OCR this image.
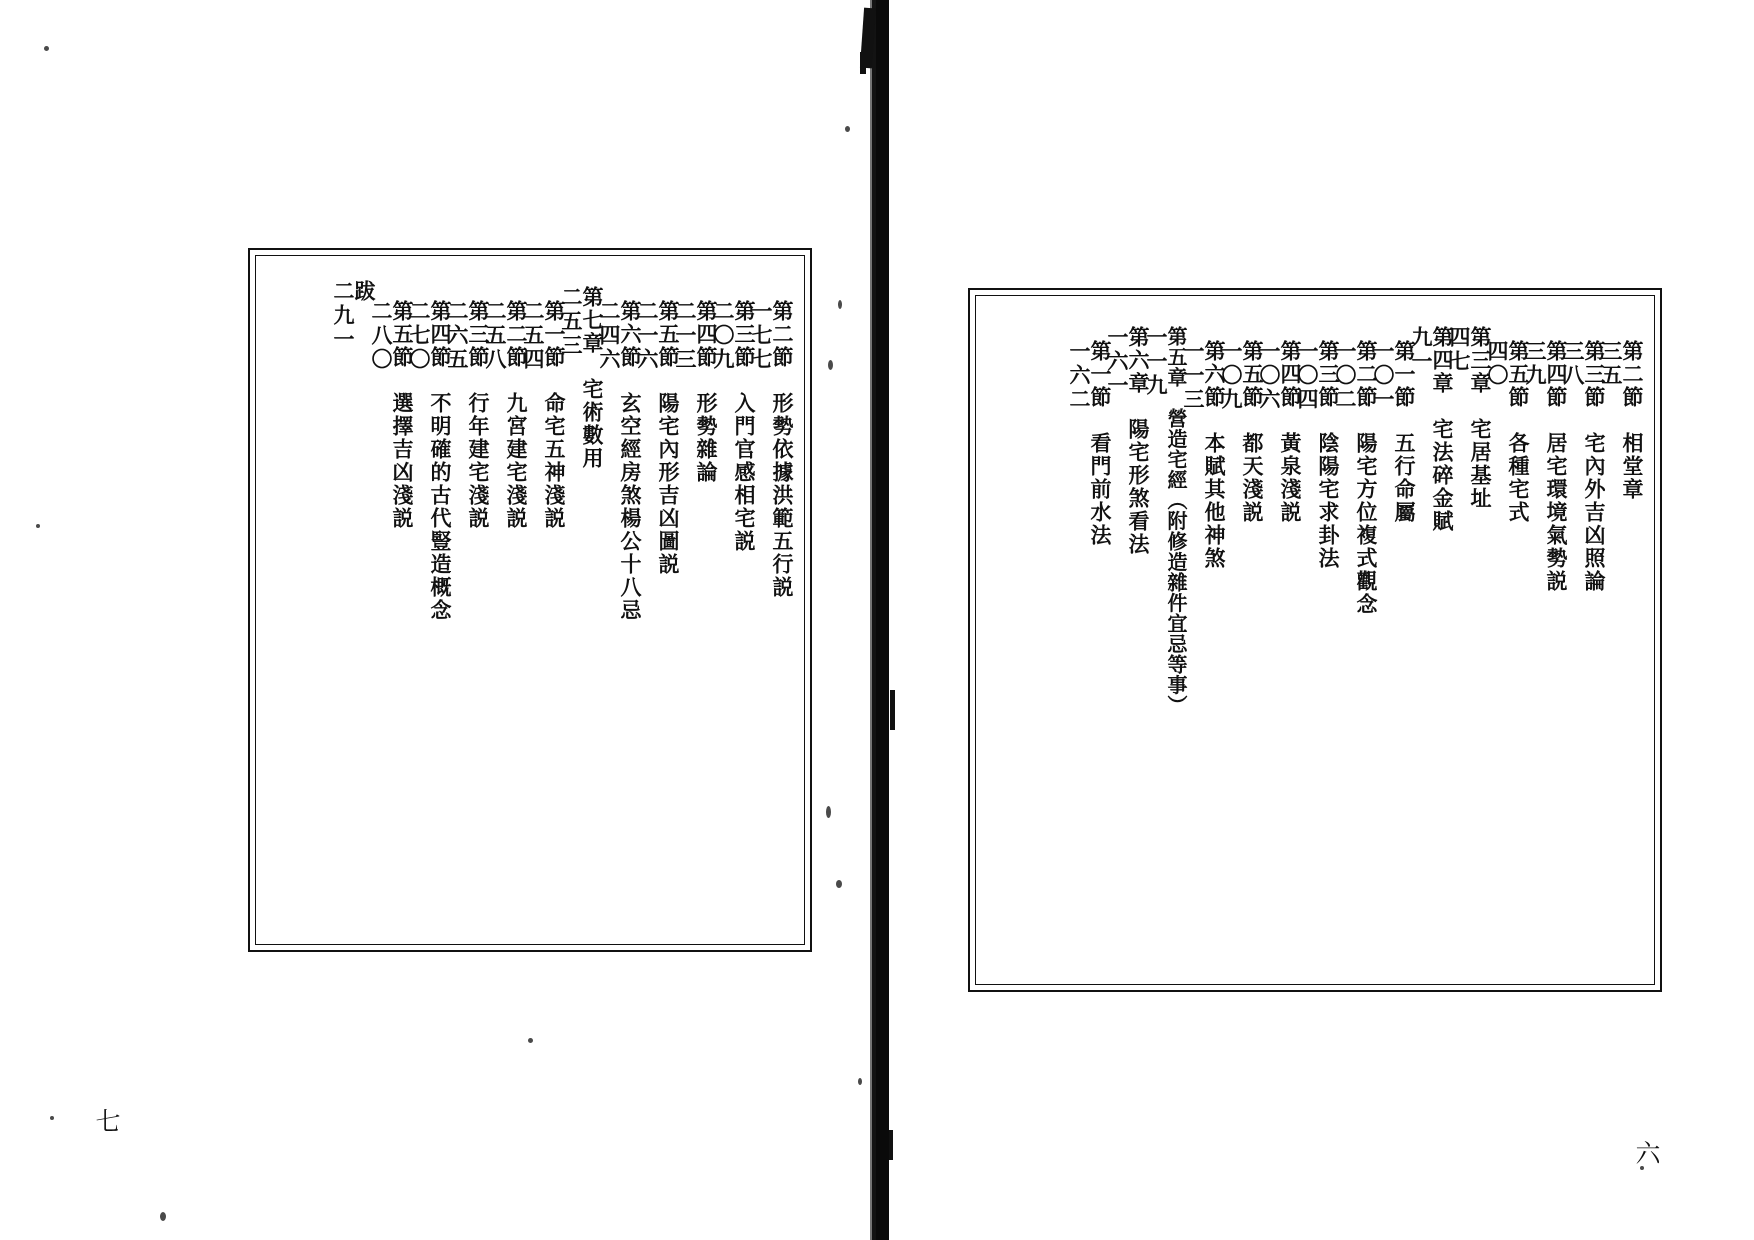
第二節　相堂章
三五
第三節　宅內外吉凶照論
三八
第四節　居宅環境氣勢説
三九
第五節　各種宅式
四〇
第三章　宅居基址
四七
第四章　宅法碎金賦
九一
第一節　五行命屬
一〇一
第二節　陽宅方位複式觀念
一〇二
第三節　陰陽宅求卦法
一〇四
第四節　黃泉淺説
一〇六
第五節　都天淺説
一〇九
第六節　本賦其他神煞
一一三
第五章　營造宅經（附修造雜件宜忌等事）
一一九
第六章　陽宅形煞看法
一六一
第一節　看門前水法
一六二
第二節　形勢依據洪範五行説
一七七
第三節　入門官感相宅説
二〇九
第四節　形勢雜論
二一三
第五節　陽宅內形吉凶圖説
二一六
第六節　玄空經房煞楊公十八忌
二四六
第七章　宅術數用
二五三
第一節　命宅五神淺説
二五四
第二節　九宮建宅淺説
二五八
第三節　行年建宅淺説
二六五
第四節　不明確的古代豎造概念
二七〇
第五節　選擇吉凶淺説
二八〇
跋
二九一
七
六
